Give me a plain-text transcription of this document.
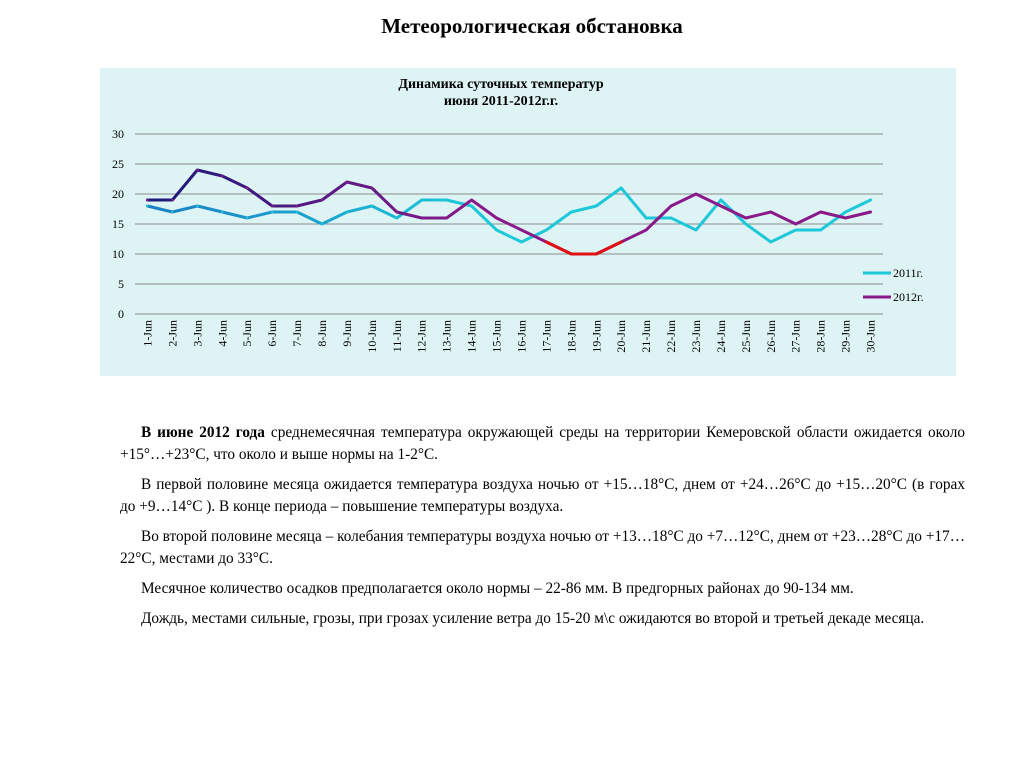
Метеорологическая обстановка
Динамика суточных температур
июня 2011-2012г.г.
0
5
10
15
20
25
30
1-Jun 2-Jun 3-Jun 4-Jun 5-Jun 6-Jun 7-Jun 8-Jun 9-Jun 10-Jun 11-Jun 12-Jun 13-Jun 14-Jun 15-Jun 16-Jun 17-Jun 18-Jun 19-Jun 20-Jun 21-Jun 22-Jun 23-Jun 24-Jun 25-Jun 26-Jun 27-Jun 28-Jun 29-Jun 30-Jun
2011г.
2012г.

В июне 2012 года среднемесячная температура окружающей среды на территории Кемеровской области ожидается около +15°…+23°С, что около и выше нормы на 1-2°С.

В первой половине месяца ожидается температура воздуха ночью от +15…18°С, днем от +24…26°С до +15…20°С (в горах до +9…14°С ). В конце периода – повышение температуры воздуха.

Во второй половине месяца – колебания температуры воздуха ночью от +13…18°С до +7…12°С, днем от +23…28°С до +17…22°С, местами до 33°С.

Месячное количество осадков предполагается около нормы – 22-86 мм. В предгорных районах до 90-134 мм.

Дождь, местами сильные, грозы, при грозах усиление ветра до 15-20 м\с ожидаются во второй и третьей декаде месяца.
